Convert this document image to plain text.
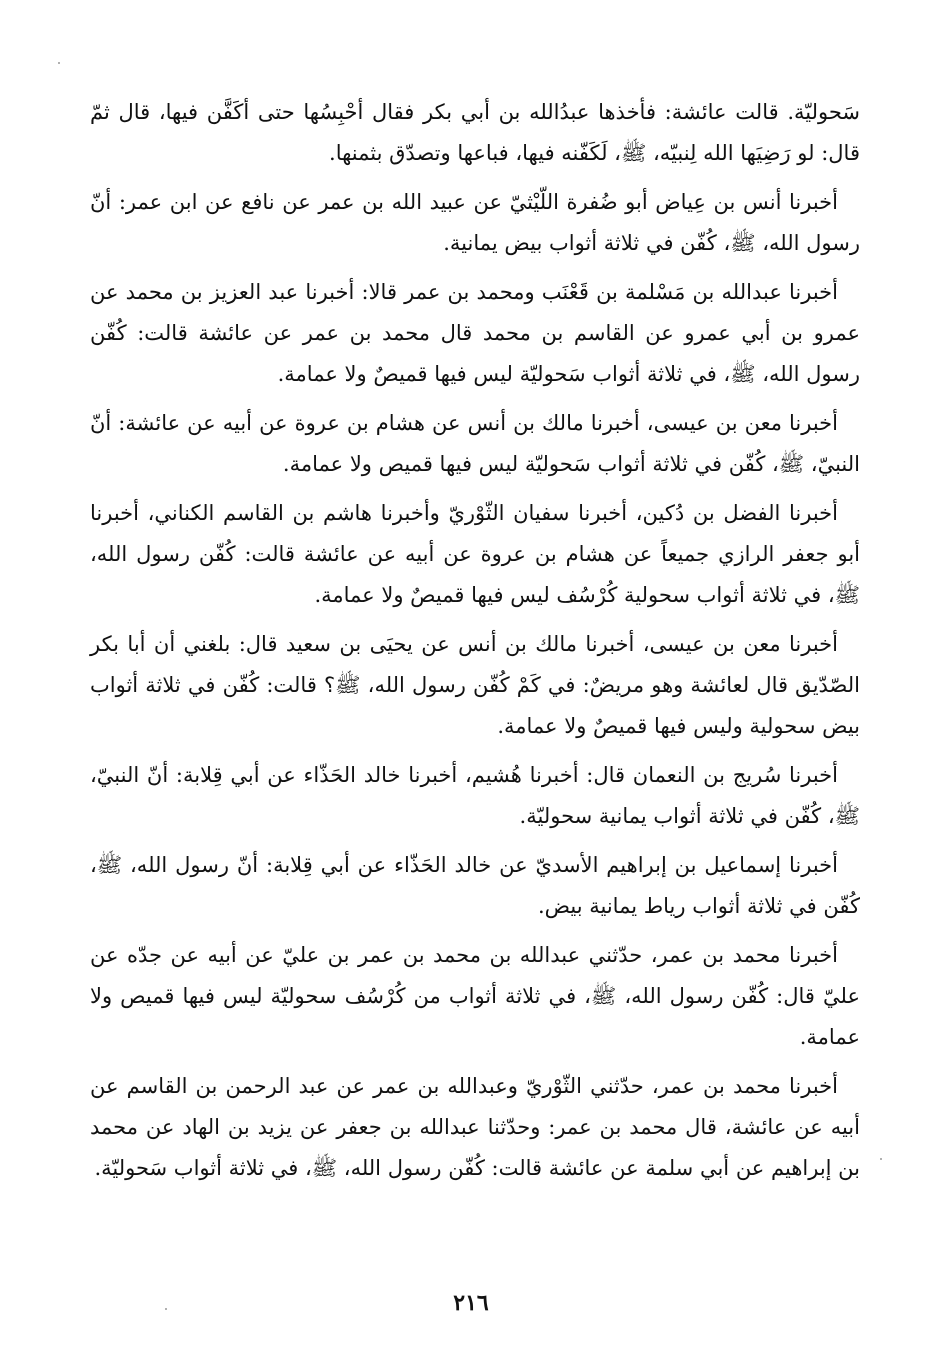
سَحوليّة. قالت عائشة: فأخذها عبدُالله بن أبي بكر فقال أحْبِسُها حتى أكَفَّن فيها، قال ثمّ قال: لو رَضِيَها الله لِنبيّه، ﷺ، لَكَفّنه فيها، فباعها وتصدّق بثمنها.

أخبرنا أنس بن عِياض أبو ضُفرة اللّيْثيّ عن عبيد الله بن عمر عن نافع عن ابن عمر: أنّ رسول الله، ﷺ، كُفّن في ثلاثة أثواب بيض يمانية.

أخبرنا عبدالله بن مَسْلمة بن قَعْنَب ومحمد بن عمر قالا: أخبرنا عبد العزيز بن محمد عن عمرو بن أبي عمرو عن القاسم بن محمد قال محمد بن عمر عن عائشة قالت: كُفّن رسول الله، ﷺ، في ثلاثة أثواب سَحوليّة ليس فيها قميصٌ ولا عمامة.

أخبرنا معن بن عيسى، أخبرنا مالك بن أنس عن هشام بن عروة عن أبيه عن عائشة: أنّ النبيّ، ﷺ، كُفّن في ثلاثة أثواب سَحوليّة ليس فيها قميص ولا عمامة.

أخبرنا الفضل بن دُكين، أخبرنا سفيان الثّوْريّ وأخبرنا هاشم بن القاسم الكناني، أخبرنا أبو جعفر الرازي جميعاً عن هشام بن عروة عن أبيه عن عائشة قالت: كُفّن رسول الله، ﷺ، في ثلاثة أثواب سحولية كُرْسُف ليس فيها قميصٌ ولا عمامة.

أخبرنا معن بن عيسى، أخبرنا مالك بن أنس عن يحيَى بن سعيد قال: بلغني أن أبا بكر الصّدّيق قال لعائشة وهو مريضٌ: في كَمْ كُفّن رسول الله، ﷺ؟ قالت: كُفّن في ثلاثة أثواب بيض سحولية وليس فيها قميصٌ ولا عمامة.

أخبرنا سُريج بن النعمان قال: أخبرنا هُشيم، أخبرنا خالد الحَذّاء عن أبي قِلابة: أنّ النبيّ، ﷺ، كُفّن في ثلاثة أثواب يمانية سحوليّة.

أخبرنا إسماعيل بن إبراهيم الأسديّ عن خالد الحَذّاء عن أبي قِلابة: أنّ رسول الله، ﷺ، كُفّن في ثلاثة أثواب رياط يمانية بيض.

أخبرنا محمد بن عمر، حدّثني عبدالله بن محمد بن عمر بن عليّ عن أبيه عن جدّه عن عليّ قال: كُفّن رسول الله، ﷺ، في ثلاثة أثواب من كُرْسُف سحوليّة ليس فيها قميص ولا عمامة.

أخبرنا محمد بن عمر، حدّثني الثّوْريّ وعبدالله بن عمر عن عبد الرحمن بن القاسم عن أبيه عن عائشة، قال محمد بن عمر: وحدّثنا عبدالله بن جعفر عن يزيد بن الهاد عن محمد بن إبراهيم عن أبي سلمة عن عائشة قالت: كُفّن رسول الله، ﷺ، في ثلاثة أثواب سَحوليّة.

٢١٦
